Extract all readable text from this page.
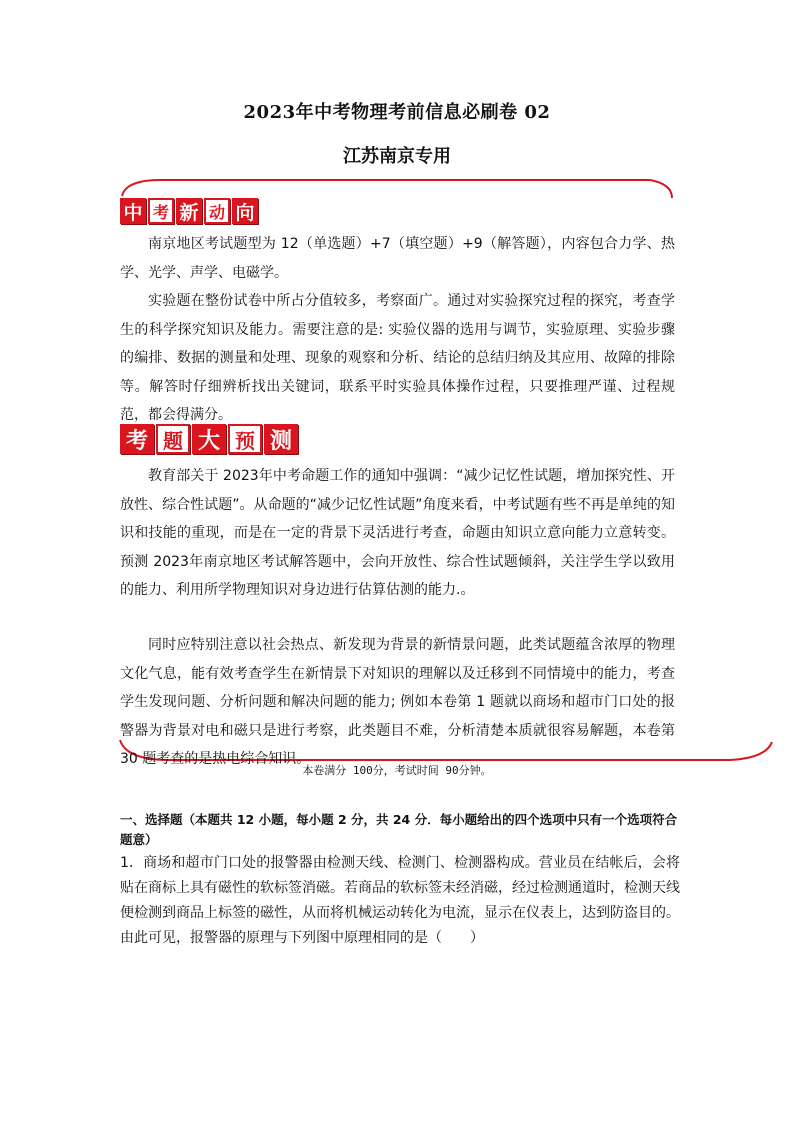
2023年中考物理考前信息必刷卷 02
江苏南京专用
中 考 新 动 向
南京地区考试题型为 12（单选题）+7（填空题）+9（解答题），内容包合力学、热学、光学、声学、电磁学。
实验题在整份试卷中所占分值较多，考察面广。通过对实验探究过程的探究，考查学生的科学探究知识及能力。需要注意的是: 实验仪器的选用与调节，实验原理、实验步骤的编排、数据的测量和处理、现象的观察和分析、结论的总结归纳及其应用、故障的排除等。解答时仔细辨析找出关键词，联系平时实验具体操作过程，只要推理严谨、过程规范，都会得满分。
考 题 大 预 测
教育部关于 2023年中考命题工作的通知中强调：“减少记忆性试题，增加探究性、开放性、综合性试题”。从命题的“减少记忆性试题”角度来看，中考试题有些不再是单纯的知识和技能的重现，而是在一定的背景下灵活进行考查，命题由知识立意向能力立意转变。预测 2023年南京地区考试解答题中，会向开放性、综合性试题倾斜，关注学生学以致用的能力、利用所学物理知识对身边进行估算估测的能力.。
同时应特别注意以社会热点、新发现为背景的新情景问题，此类试题蕴含浓厚的物理文化气息，能有效考查学生在新情景下对知识的理解以及迁移到不同情境中的能力，考查学生发现问题、分析问题和解决问题的能力; 例如本卷第 1 题就以商场和超市门口处的报警器为背景对电和磁只是进行考察，此类题目不难，分析清楚本质就很容易解题，本卷第 30 题考查的是热电综合知识。
本卷满分 100分，考试时间 90分钟。
一、选择题（本题共 12 小题，每小题 2 分，共 24 分．每小题给出的四个选项中只有一个选项符合题意）
1．商场和超市门口处的报警器由检测天线、检测门、检测器构成。营业员在结帐后，会将贴在商标上具有磁性的软标签消磁。若商品的软标签未经消磁，经过检测通道时，检测天线便检测到商品上标签的磁性，从而将机械运动转化为电流，显示在仪表上，达到防盗目的。由此可见，报警器的原理与下列图中原理相同的是（　　）
